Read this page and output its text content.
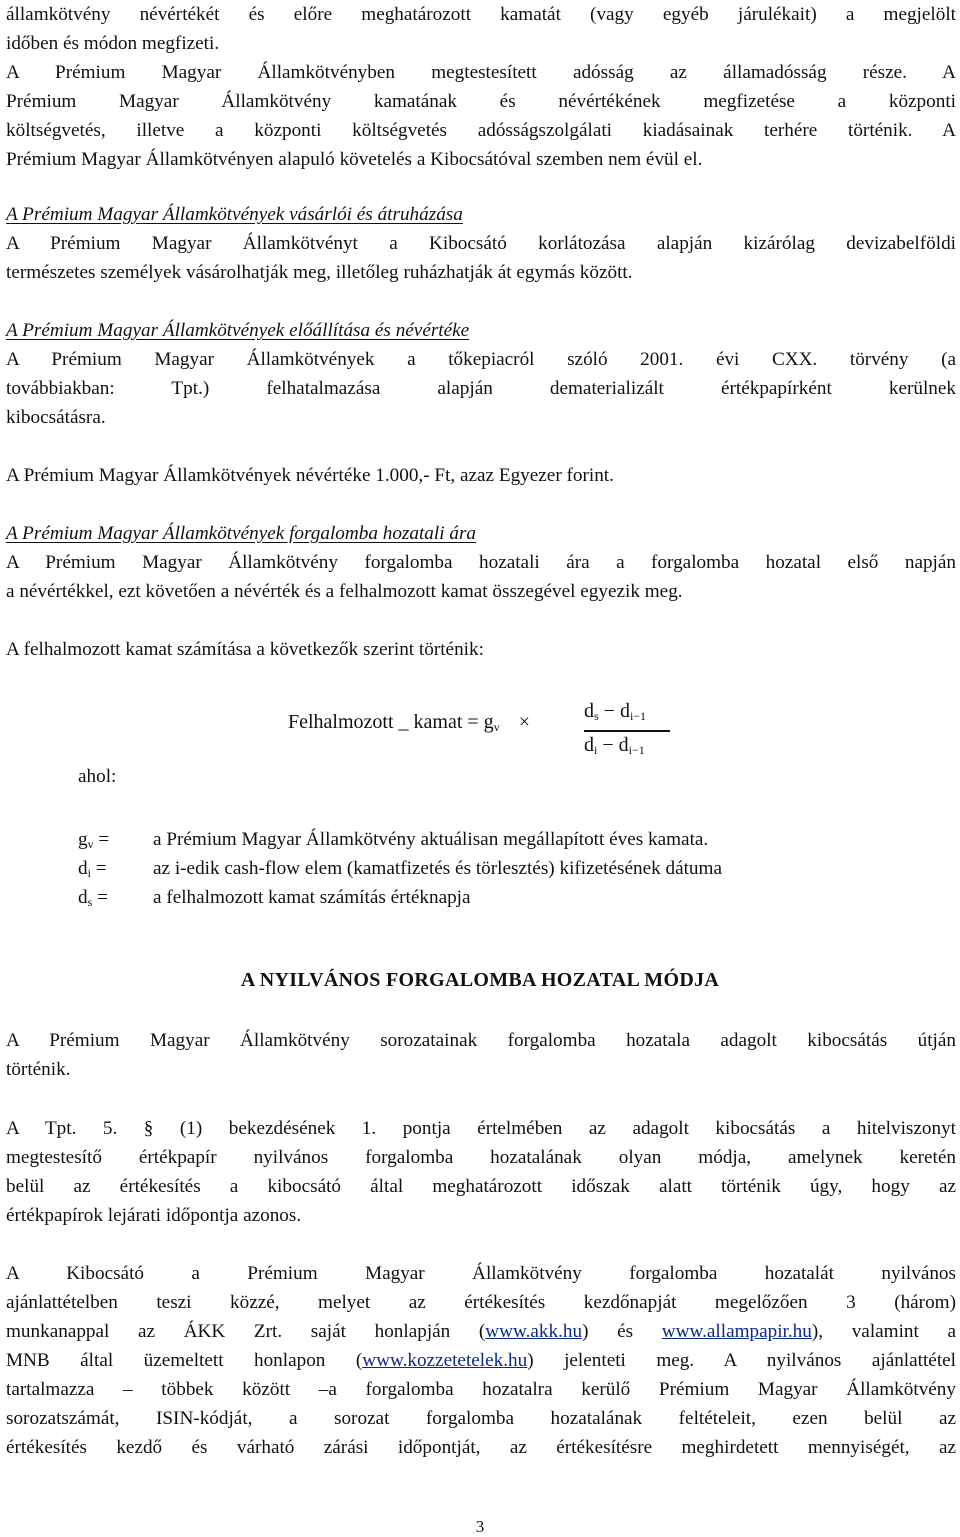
államkötvény névértékét és előre meghatározott kamatát (vagy egyéb járulékait) a megjelölt
időben és módon megfizeti.
A Prémium Magyar Államkötvényben megtestesített adósság az államadósság része. A
Prémium Magyar Államkötvény kamatának és névértékének megfizetése a központi
költségvetés, illetve a központi költségvetés adósságszolgálati kiadásainak terhére történik. A
Prémium Magyar Államkötvényen alapuló követelés a Kibocsátóval szemben nem évül el.
A Prémium Magyar Államkötvények vásárlói és átruházása
A Prémium Magyar Államkötvényt a Kibocsátó korlátozása alapján kizárólag devizabelföldi
természetes személyek vásárolhatják meg, illetőleg ruházhatják át egymás között.
A Prémium Magyar Államkötvények előállítása és névértéke
A Prémium Magyar Államkötvények a tőkepiacról szóló 2001. évi CXX. törvény (a
továbbiakban: Tpt.) felhatalmazása alapján dematerializált értékpapírként kerülnek
kibocsátásra.
A Prémium Magyar Államkötvények névértéke 1.000,- Ft, azaz Egyezer forint.
A Prémium Magyar Államkötvények forgalomba hozatali ára
A Prémium Magyar Államkötvény forgalomba hozatali ára a forgalomba hozatal első napján
a névértékkel, ezt követően a névérték és a felhalmozott kamat összegével egyezik meg.
A felhalmozott kamat számítása a következők szerint történik:
Felhalmozott _ kamat = $g_v$ ×	$d_s - d_{i-1}$
$d_i - d_{i-1}$
ahol:
$g_v = a$ Prémium Magyar Államkötvény aktuálisan megállapított éves kamata.
$d_i$ = az i-edik cash-flow elem (kamatfizetés és törlesztés) kifizetésének dátuma
$d_s = a$ felhalmozott kamat számítás értéknapja
A NYILVÁNOS FORGALOMBA HOZATAL MÓDJA
A Prémium Magyar Államkötvény sorozatainak forgalomba hozatala adagolt kibocsátás útján
történik.
A Tpt. 5. § (1) bekezdésének 1. pontja értelmében az adagolt kibocsátás a hitelviszonyt
megtestesítő értékpapír nyilvános forgalomba hozatalának olyan módja, amelynek keretén
belül az értékesítés a kibocsátó által meghatározott időszak alatt történik úgy, hogy az
értékpapírok lejárati időpontja azonos.
A Kibocsátó a Prémium Magyar Államkötvény forgalomba hozatalát nyilvános
ajánlattételben teszi közzé, melyet az értékesítés kezdőnapját megelőzően 3 (három)
munkanappal az ÁKK Zrt. saját honlapján (www.akk.hu) és www.allampapir.hu), valamint a
MNB által üzemeltett honlapon (www.kozzetetelek.hu) jelenteti meg. A nyilvános ajánlattétel
tartalmazza – többek között –a forgalomba hozatalra kerülő Prémium Magyar Államkötvény
sorozatszámát, ISIN-kódját, a sorozat forgalomba hozatalának feltételeit, ezen belül az
értékesítés kezdő és várható zárási időpontját, az értékesítésre meghirdetett mennyiségét, az
3
